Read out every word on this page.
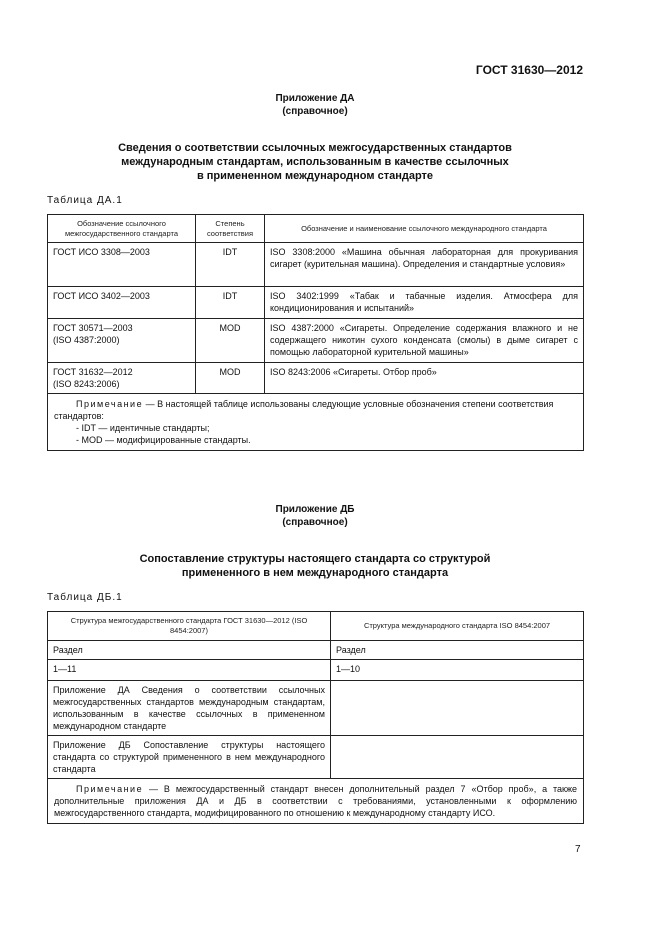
ГОСТ 31630—2012
Приложение ДА
(справочное)
Сведения о соответствии ссылочных межгосударственных стандартов
международным стандартам, использованным в качестве ссылочных
в примененном международном стандарте
Таблица ДА.1
Обозначение ссылочного межгосударственного стандарта	Степень соответствия	Обозначение и наименование ссылочного международного стандарта
ГОСТ ИСО 3308—2003	IDT	ISO 3308:2000 «Машина обычная лабораторная для прокуривания сигарет (курительная машина). Определения и стандартные условия»
ГОСТ ИСО 3402—2003	IDT	ISO 3402:1999 «Табак и табачные изделия. Атмосфера для кондиционирования и испытаний»

ГОСТ 30571—2003
(ISO 4387:2000)	MOD	ISO 4387:2000 «Сигареты. Определение содержания влажного и не содержащего никотин сухого конденсата (смолы) в дыме сигарет с помощью лабораторной курительной машины»

ГОСТ 31632—2012
(ISO 8243:2006)	MOD	ISO 8243:2006 «Сигареты. Отбор проб»
Примечание — В настоящей таблице использованы следующие условные обозначения степени соответствия стандартов:
- IDT — идентичные стандарты;
- MOD — модифицированные стандарты.		
Приложение ДБ
(справочное)
Сопоставление структуры настоящего стандарта со структурой
примененного в нем международного стандарта
Таблица ДБ.1
Структура межгосударственного стандарта ГОСТ 31630—2012 (ISO 8454:2007)	Структура международного стандарта ISO 8454:2007
Раздел	Раздел
1—11	1—10
Приложение ДА Сведения о соответствии ссылочных межгосударственных стандартов международным стандартам, использованным в качестве ссылочных в примененном международном стандарте	
Приложение ДБ Сопоставление структуры настоящего стандарта со структурой примененного в нем международного стандарта	
Примечание — В межгосударственный стандарт внесен дополнительный раздел 7 «Отбор проб», а также дополнительные приложения ДА и ДБ в соответствии с требованиями, установленными к оформлению межгосударственного стандарта, модифицированного по отношению к международному стандарту ИСО.	
7
